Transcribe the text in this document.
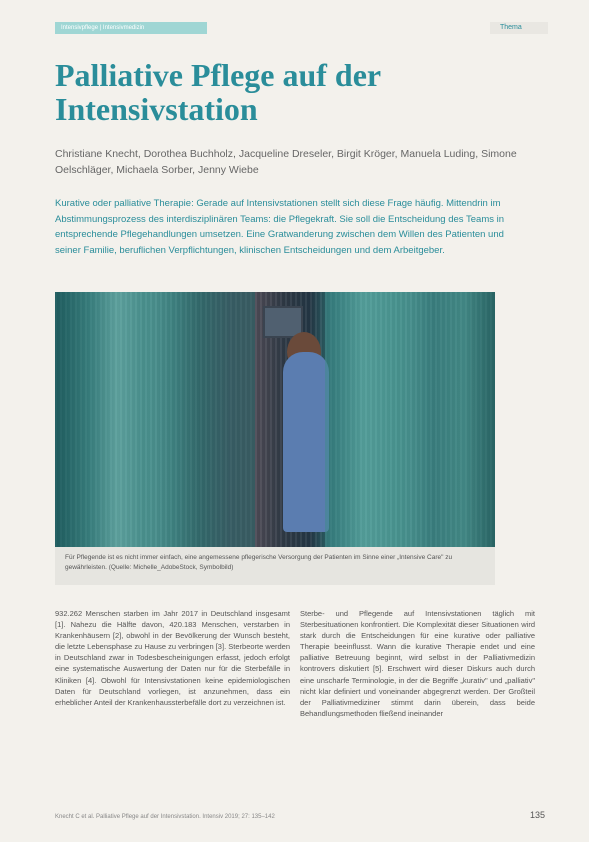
Intensivpflege | Intensivmedizin	Thema
Palliative Pflege auf der Intensivstation

Christiane Knecht, Dorothea Buchholz, Jacqueline Dreseler, Birgit Kröger, Manuela Luding, Simone Oelschläger, Michaela Sorber, Jenny Wiebe

Kurative oder palliative Therapie: Gerade auf Intensivstationen stellt sich diese Frage häufig. Mittendrin im Abstimmungsprozess des interdisziplinären Teams: die Pflegekraft. Sie soll die Entscheidung des Teams in entsprechende Pflegehandlungen umsetzen. Eine Gratwanderung zwischen dem Willen des Patienten und seiner Familie, beruflichen Verpflichtungen, klinischen Entscheidungen und dem Arbeitgeber.

Für Pflegende ist es nicht immer einfach, eine angemessene pflegerische Versorgung der Patienten im Sinne einer „Intensive Care" zu gewährleisten. (Quelle: Michelle_AdobeStock, Symbolbild)

932.262 Menschen starben im Jahr 2017 in Deutschland insgesamt [1]. Nahezu die Hälfte davon, 420.183 Menschen, verstarben in Krankenhäusern [2], obwohl in der Bevölkerung der Wunsch besteht, die letzte Lebensphase zu Hause zu verbringen [3]. Sterbeorte werden in Deutschland zwar in Todesbescheinigungen erfasst, jedoch erfolgt eine systematische Auswertung der Daten nur für die Sterbefälle in Kliniken [4]. Obwohl für Intensivstationen keine epidemiologischen Daten für Deutschland vorliegen, ist anzunehmen, dass ein erheblicher Anteil der Krankenhaussterbefälle dort zu verzeichnen ist.

Sterbe- und Pflegende auf Intensivstationen täglich mit Sterbesituationen konfrontiert. Die Komplexität dieser Situationen wird stark durch die Entscheidungen für eine kurative oder palliative Therapie beeinflusst. Wann die kurative Therapie endet und eine palliative Betreuung beginnt, wird selbst in der Palliativmedizin kontrovers diskutiert [5]. Erschwert wird dieser Diskurs auch durch eine unscharfe Terminologie, in der die Begriffe „kurativ" und „palliativ" nicht klar definiert und voneinander abgegrenzt werden. Der Großteil der Palliativmediziner stimmt darin überein, dass beide Behandlungsmethoden fließend ineinander

Knecht C et al. Palliative Pflege auf der Intensivstation. Intensiv 2019; 27: 135–142	135
